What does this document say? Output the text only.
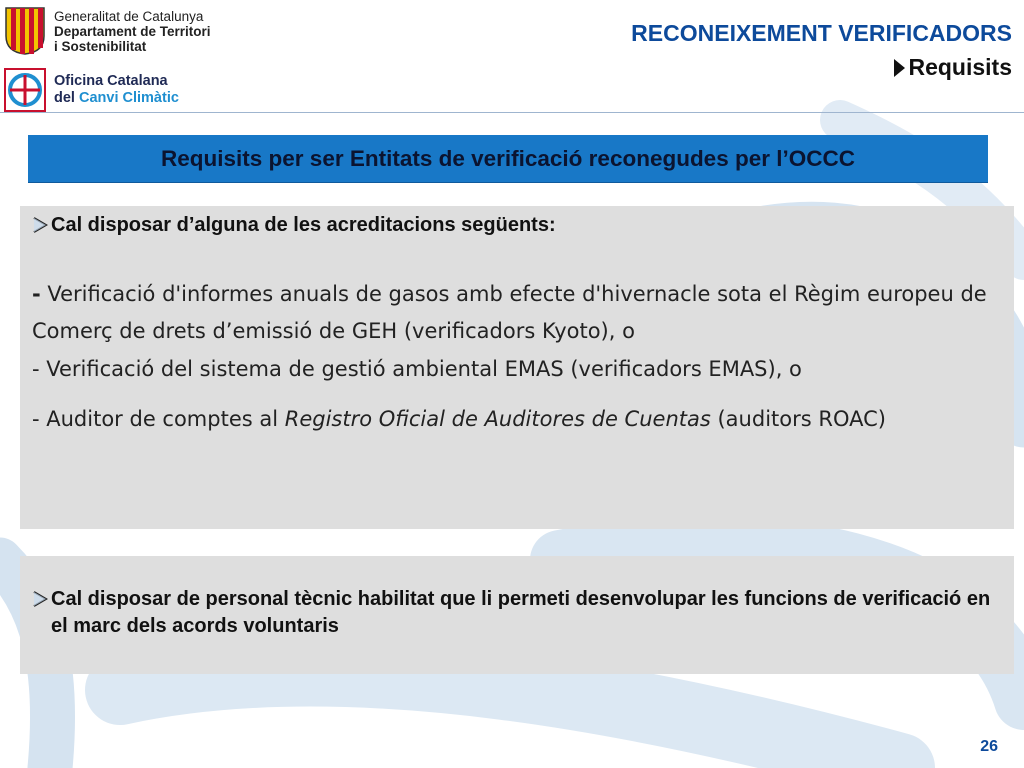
Generalitat de Catalunya
Departament de Territori
i Sostenibilitat
Oficina Catalana
del Canvi Climàtic
RECONEIXEMENT VERIFICADORS
Requisits
Requisits per ser Entitats de verificació reconegudes per l’OCCC
Cal disposar d’alguna de les acreditacions següents:
- Verificació d'informes anuals de gasos amb efecte d'hivernacle sota el Règim europeu de Comerç de drets d’emissió de GEH (verificadors Kyoto), o
- Verificació del sistema de gestió ambiental EMAS (verificadors EMAS), o
- Auditor de comptes al Registro Oficial de Auditores de Cuentas (auditors ROAC)
Cal disposar de personal tècnic habilitat que li permeti desenvolupar les funcions de verificació en el marc dels acords voluntaris
26
